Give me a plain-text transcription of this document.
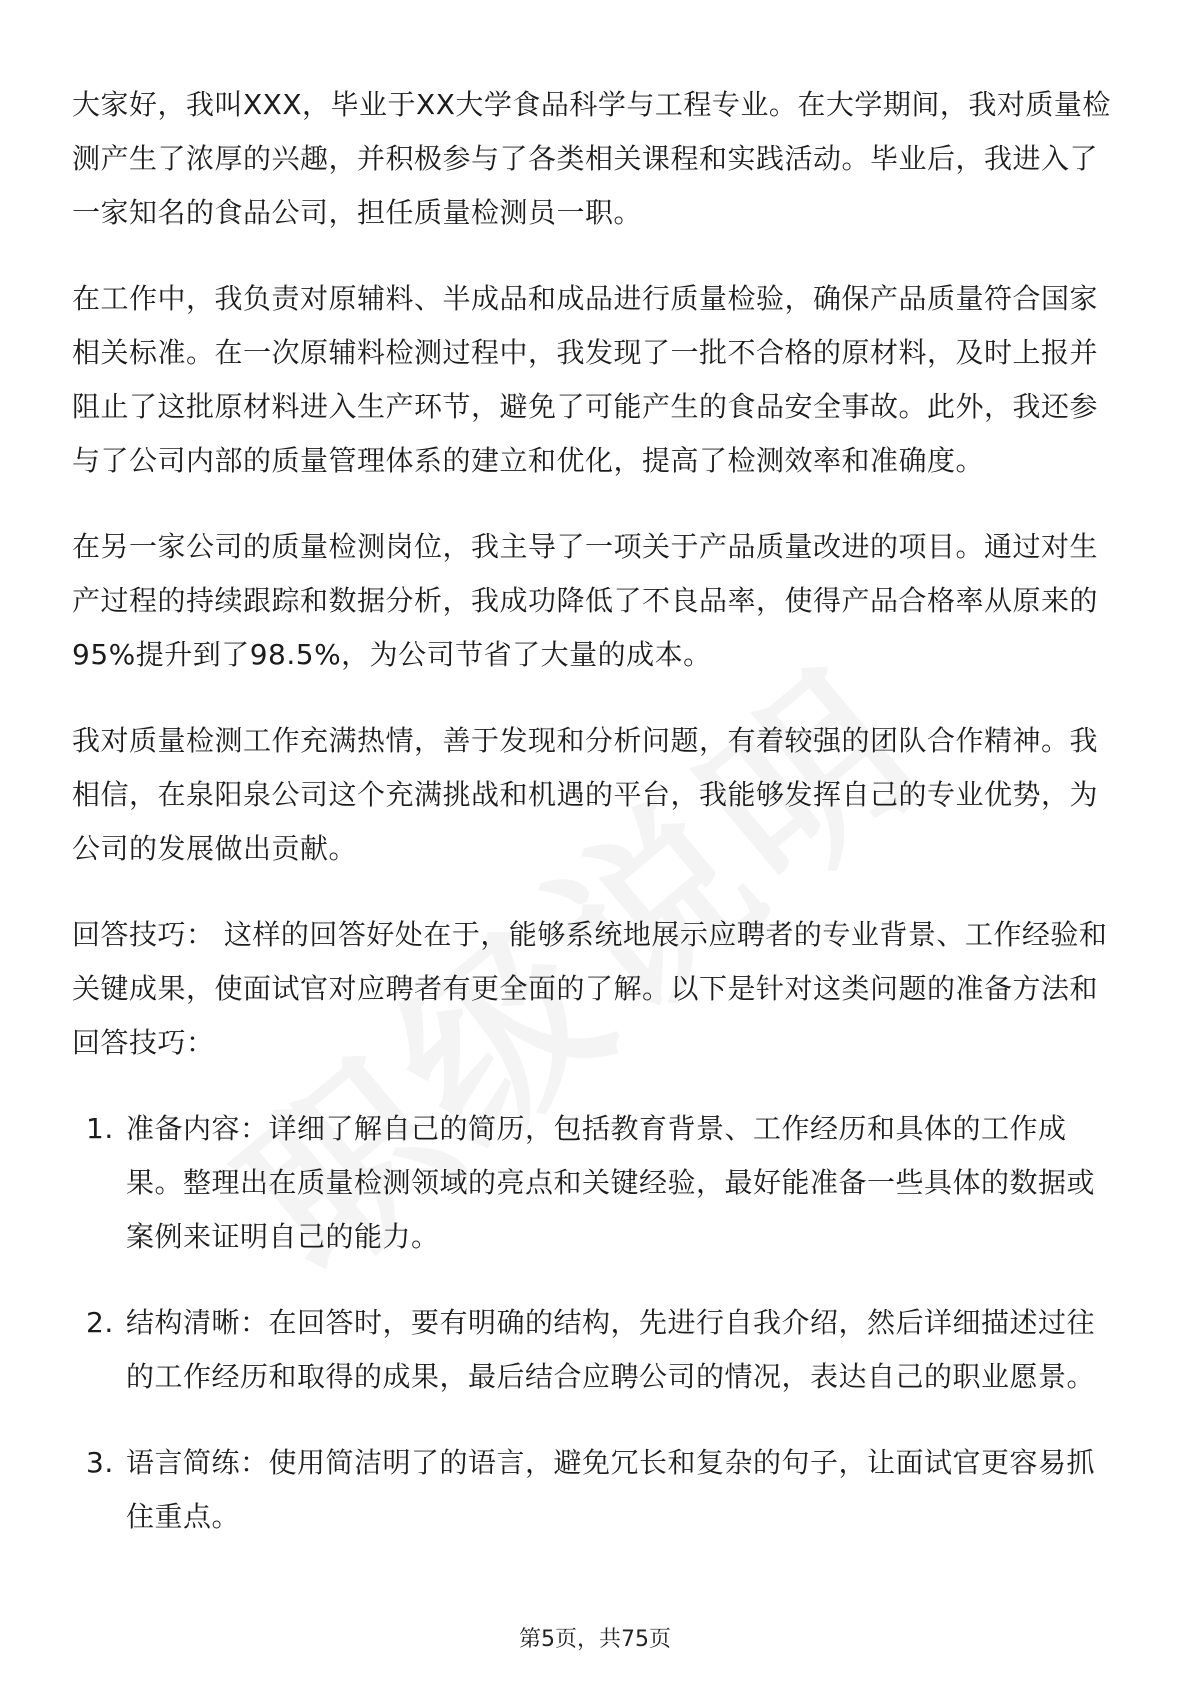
大家好，我叫XXX，毕业于XX大学食品科学与工程专业。在大学期间，我对质量检测产生了浓厚的兴趣，并积极参与了各类相关课程和实践活动。毕业后，我进入了一家知名的食品公司，担任质量检测员一职。

在工作中，我负责对原辅料、半成品和成品进行质量检验，确保产品质量符合国家相关标准。在一次原辅料检测过程中，我发现了一批不合格的原材料，及时上报并阻止了这批原材料进入生产环节，避免了可能产生的食品安全事故。此外，我还参与了公司内部的质量管理体系的建立和优化，提高了检测效率和准确度。

在另一家公司的质量检测岗位，我主导了一项关于产品质量改进的项目。通过对生产过程的持续跟踪和数据分析，我成功降低了不良品率，使得产品合格率从原来的95%提升到了98.5%，为公司节省了大量的成本。

我对质量检测工作充满热情，善于发现和分析问题，有着较强的团队合作精神。我相信，在泉阳泉公司这个充满挑战和机遇的平台，我能够发挥自己的专业优势，为公司的发展做出贡献。

回答技巧： 这样的回答好处在于，能够系统地展示应聘者的专业背景、工作经验和关键成果，使面试官对应聘者有更全面的了解。以下是针对这类问题的准备方法和回答技巧：

1. 准备内容：详细了解自己的简历，包括教育背景、工作经历和具体的工作成果。整理出在质量检测领域的亮点和关键经验，最好能准备一些具体的数据或案例来证明自己的能力。
2. 结构清晰：在回答时，要有明确的结构，先进行自我介绍，然后详细描述过往的工作经历和取得的成果，最后结合应聘公司的情况，表达自己的职业愿景。
3. 语言简练：使用简洁明了的语言，避免冗长和复杂的句子，让面试官更容易抓住重点。
第5页，共75页
